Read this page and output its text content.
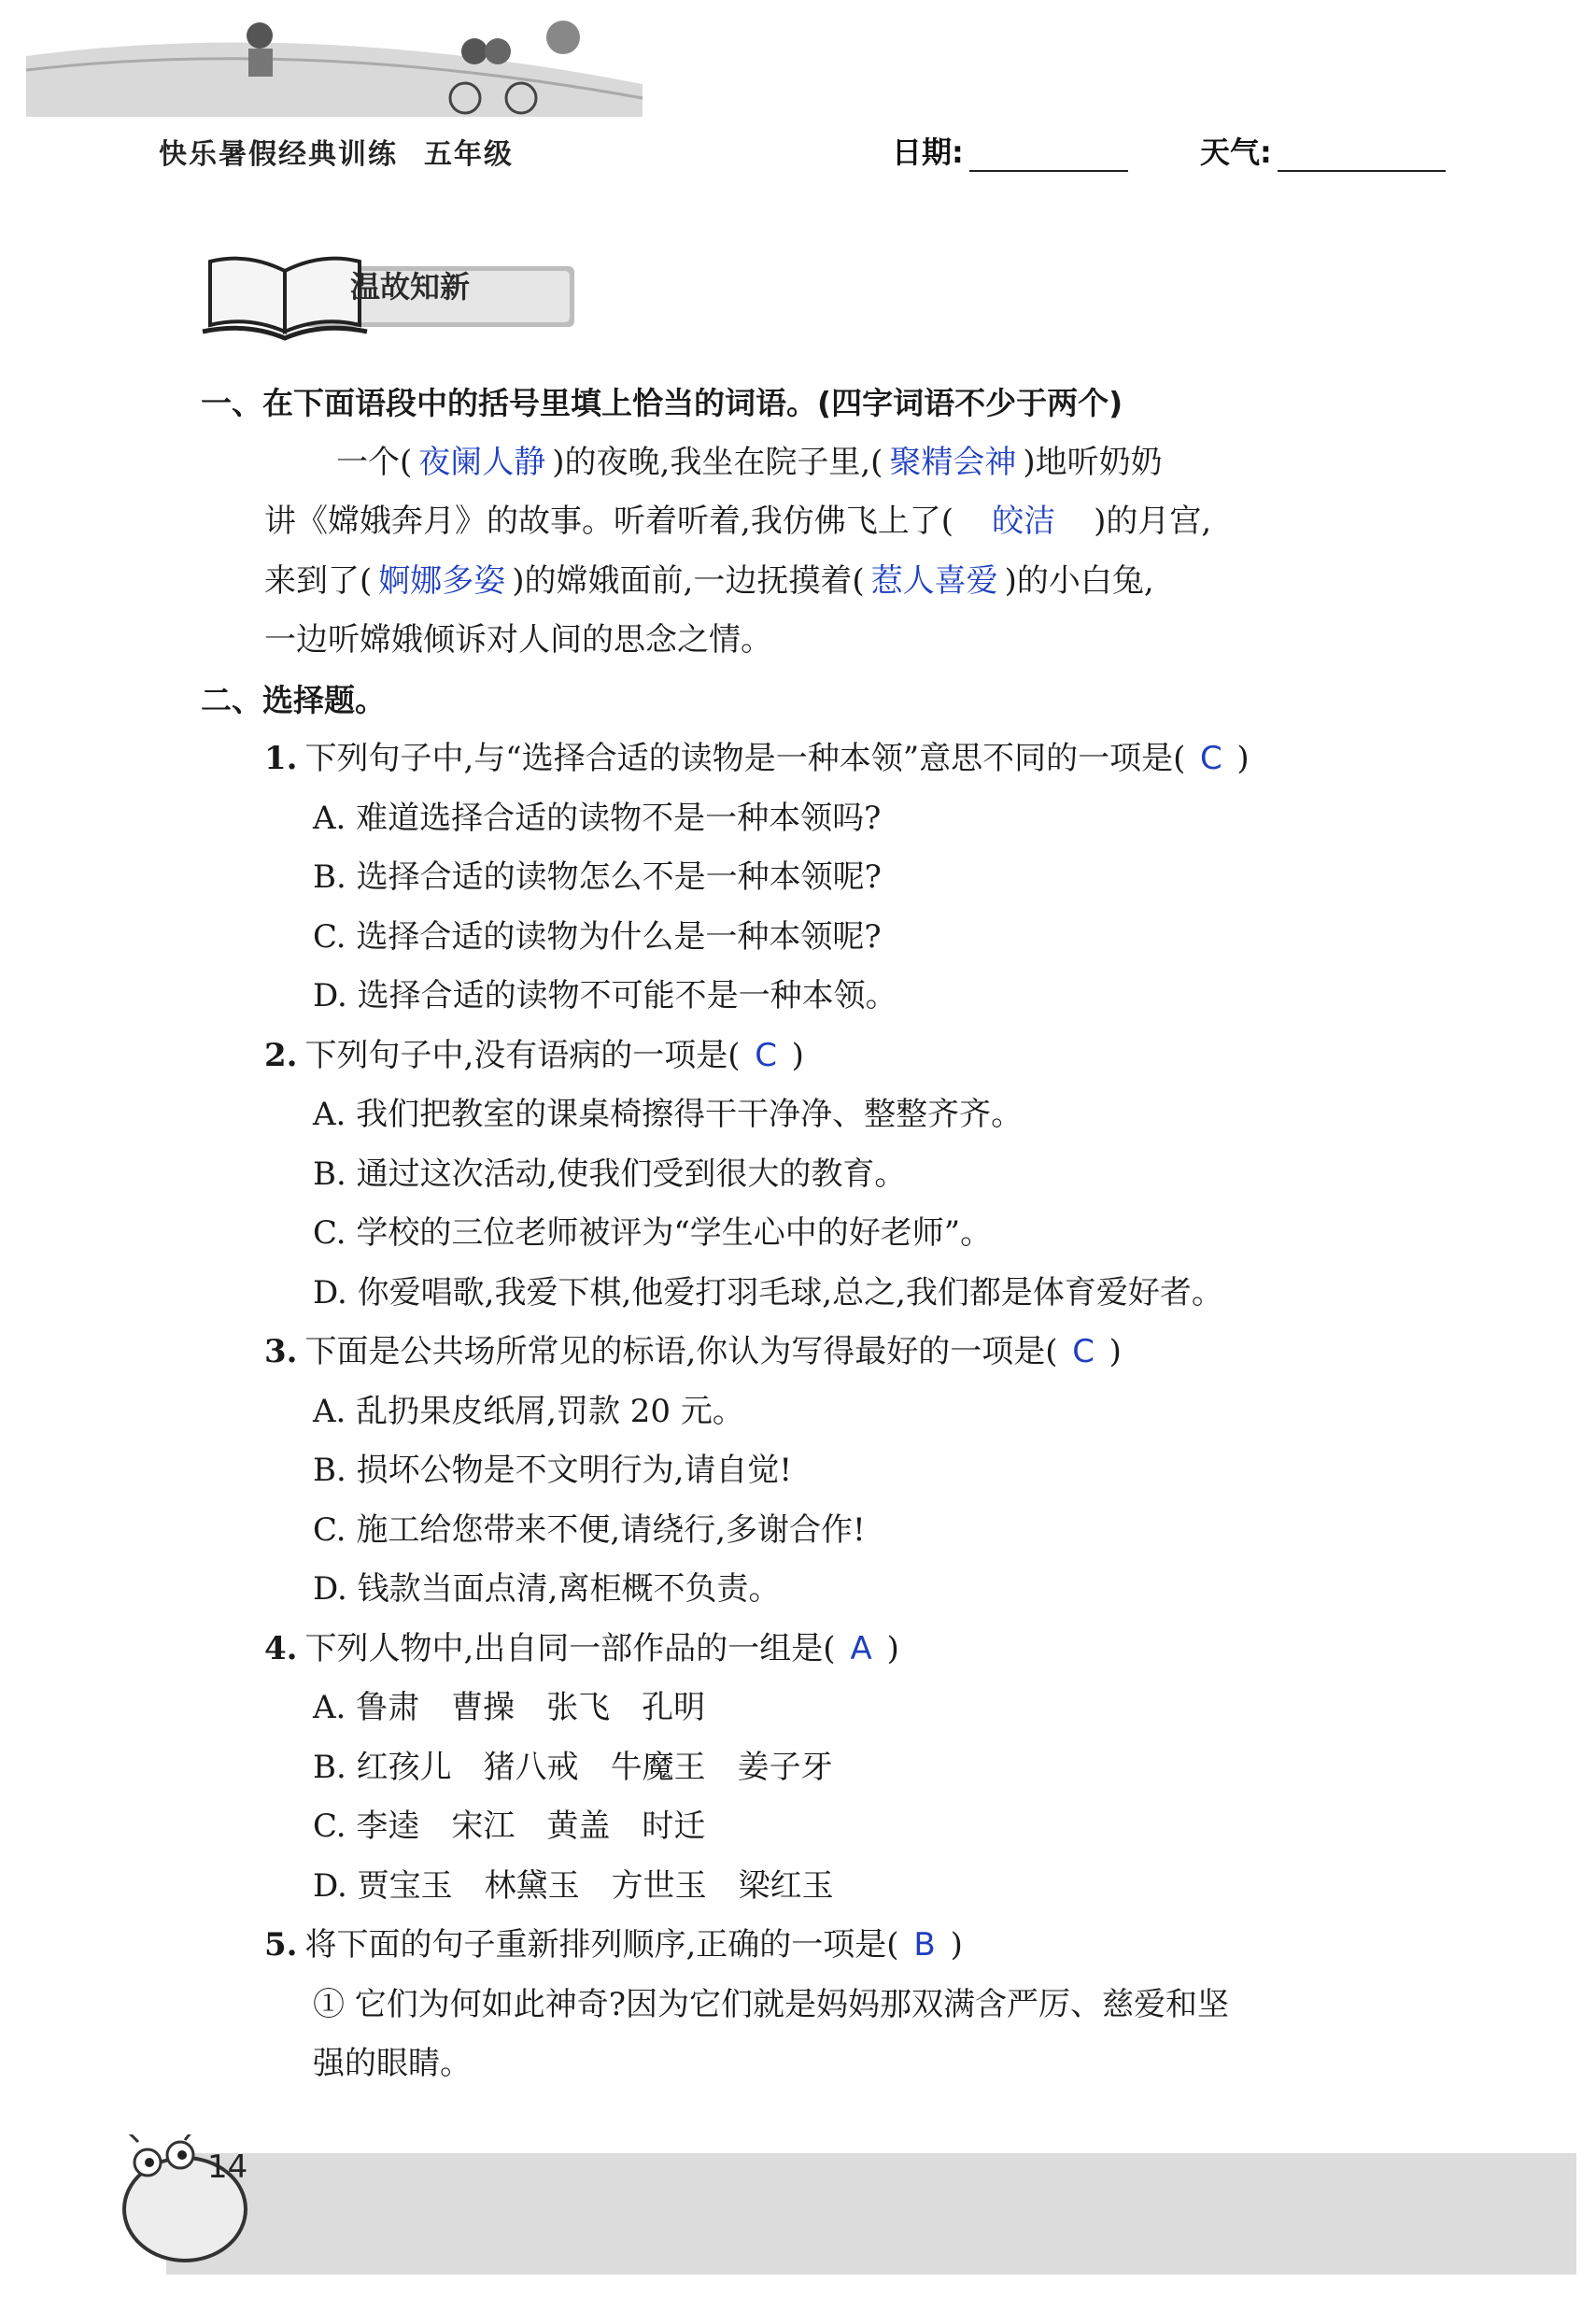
快乐暑假经典训练 五年级	日期:	天气:
温故知新
一、在下面语段中的括号里填上恰当的词语。(四字词语不少于两个)
一个( 夜阑人静 )的夜晚,我坐在院子里,( 聚精会神 )地听奶奶
讲《嫦娥奔月》的故事。听着听着,我仿佛飞上了( 皎洁 )的月宫,
来到了( 婀娜多姿 )的嫦娥面前,一边抚摸着( 惹人喜爱 )的小白兔,
一边听嫦娥倾诉对人间的思念之情。
二、选择题。
1. 下列句子中,与“选择合适的读物是一种本领”意思不同的一项是( C )
A. 难道选择合适的读物不是一种本领吗?
B. 选择合适的读物怎么不是一种本领呢?
C. 选择合适的读物为什么是一种本领呢?
D. 选择合适的读物不可能不是一种本领。
2. 下列句子中,没有语病的一项是( C )
A. 我们把教室的课桌椅擦得干干净净、整整齐齐。
B. 通过这次活动,使我们受到很大的教育。
C. 学校的三位老师被评为“学生心中的好老师”。
D. 你爱唱歌,我爱下棋,他爱打羽毛球,总之,我们都是体育爱好者。
3. 下面是公共场所常见的标语,你认为写得最好的一项是( C )
A. 乱扔果皮纸屑,罚款 20 元。
B. 损坏公物是不文明行为,请自觉!
C. 施工给您带来不便,请绕行,多谢合作!
D. 钱款当面点清,离柜概不负责。
4. 下列人物中,出自同一部作品的一组是( A )
A. 鲁肃　曹操　张飞　孔明
B. 红孩儿　猪八戒　牛魔王　姜子牙
C. 李逵　宋江　黄盖　时迁
D. 贾宝玉　林黛玉　方世玉　梁红玉
5. 将下面的句子重新排列顺序,正确的一项是( B )
① 它们为何如此神奇?因为它们就是妈妈那双满含严厉、慈爱和坚
强的眼睛。
14
